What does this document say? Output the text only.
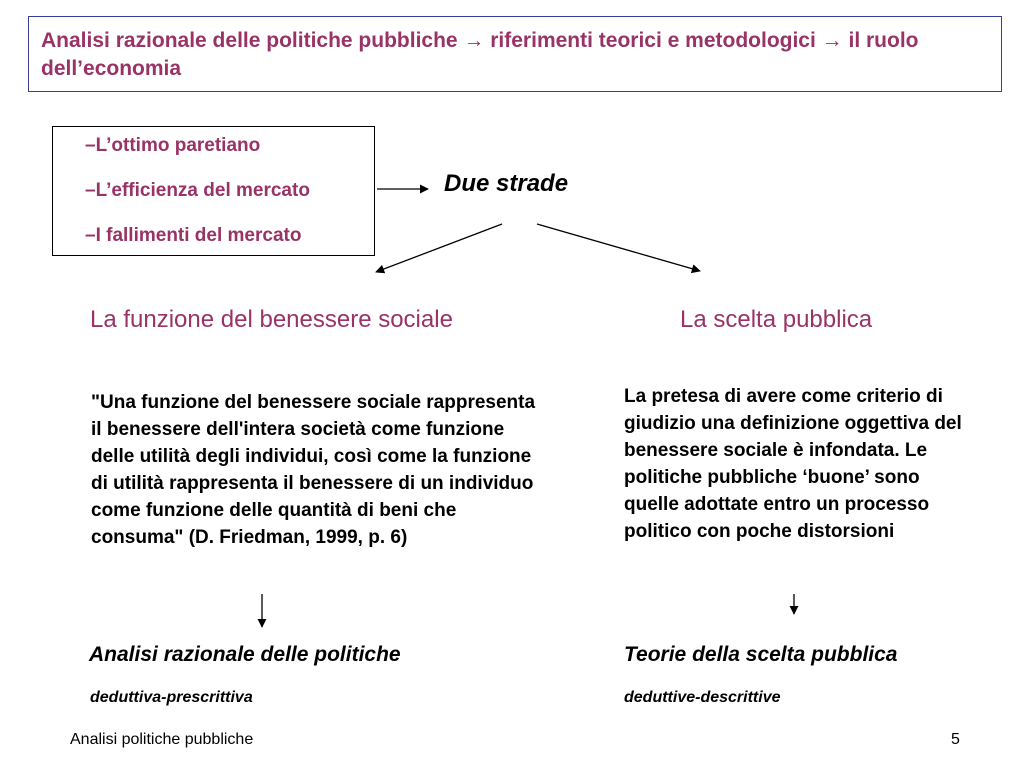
Analisi razionale delle politiche pubbliche → riferimenti teorici e metodologici → il ruolo dell’economia
–L’ottimo paretiano
–L’efficienza del mercato
–I fallimenti del mercato
Due strade
La funzione del benessere sociale	La scelta pubblica
"Una funzione del benessere sociale rappresenta il benessere dell'intera società come funzione delle utilità degli individui, così come la funzione di utilità rappresenta il benessere di un individuo come funzione delle quantità di beni che consuma" (D. Friedman, 1999, p. 6)
La pretesa di avere come criterio di giudizio una definizione oggettiva del benessere sociale è infondata. Le politiche pubbliche ‘buone’ sono quelle adottate entro un processo politico con poche distorsioni
Analisi razionale delle politiche	Teorie della scelta pubblica
deduttiva-prescrittiva	deduttive-descrittive
Analisi politiche pubbliche	5
